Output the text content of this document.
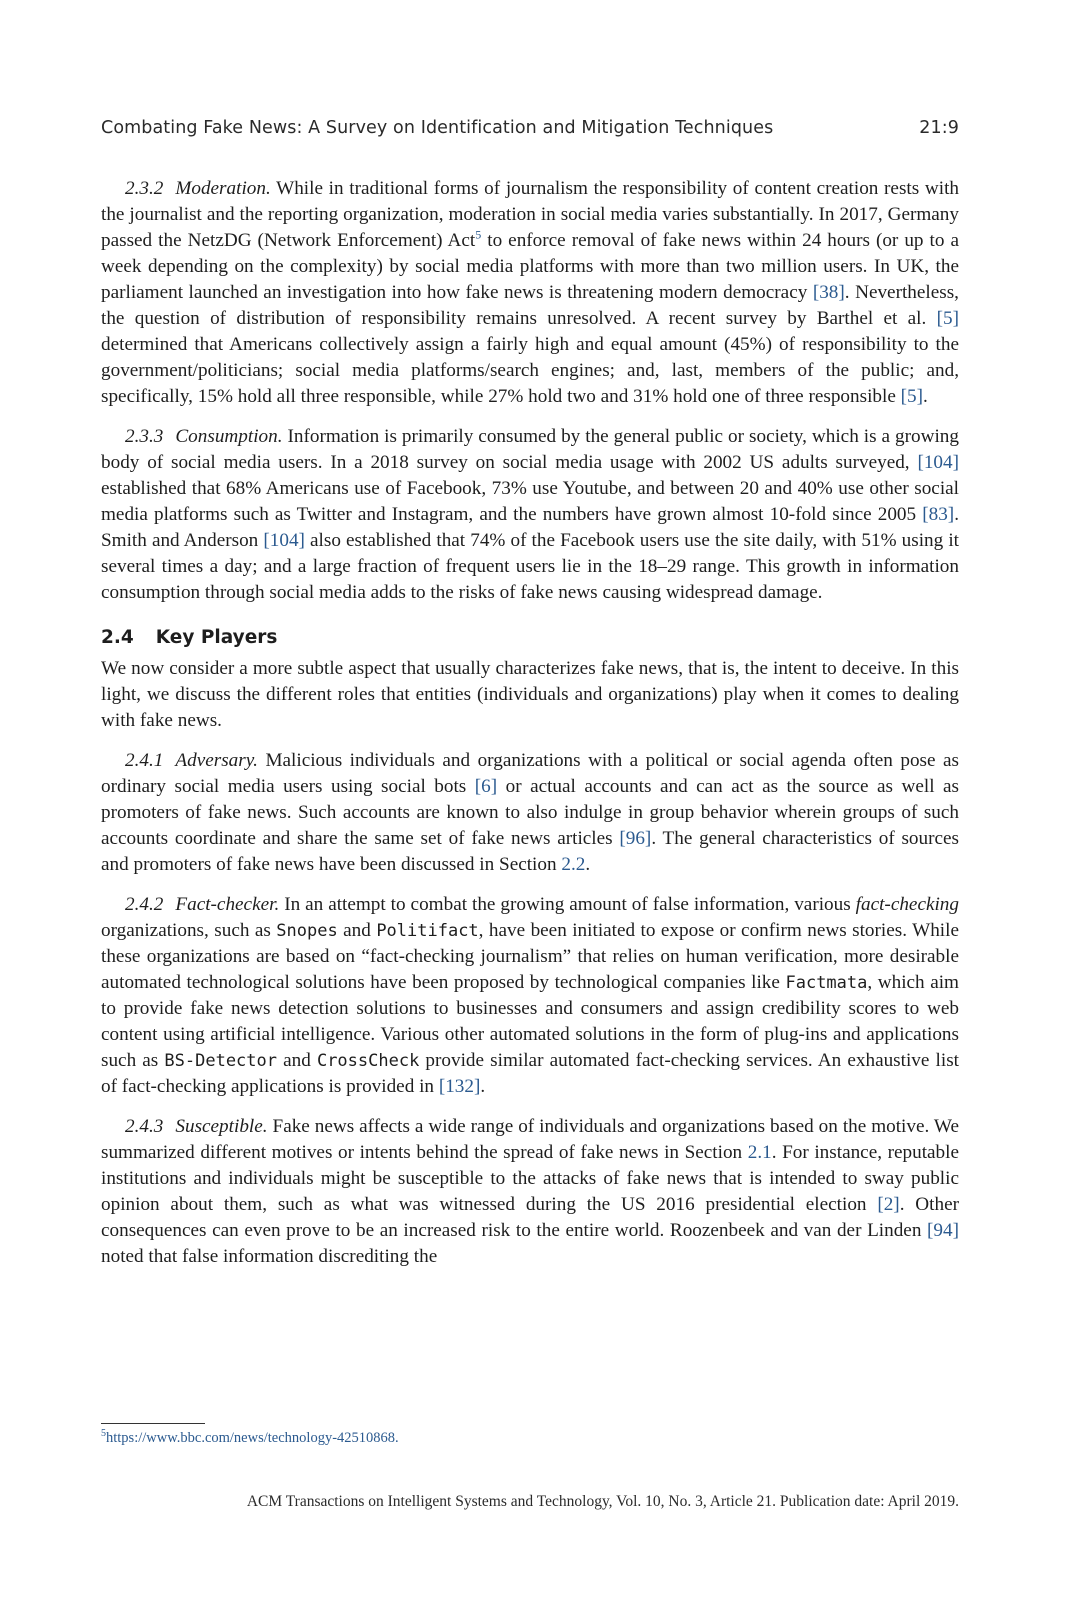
Combating Fake News: A Survey on Identification and Mitigation Techniques	21:9

2.3.2 Moderation. While in traditional forms of journalism the responsibility of content creation rests with the journalist and the reporting organization, moderation in social media varies substantially. In 2017, Germany passed the NetzDG (Network Enforcement) Act$^5$ to enforce removal of fake news within 24 hours (or up to a week depending on the complexity) by social media platforms with more than two million users. In UK, the parliament launched an investigation into how fake news is threatening modern democracy [38]. Nevertheless, the question of distribution of responsibility remains unresolved. A recent survey by Barthel et al. [5] determined that Americans collectively assign a fairly high and equal amount (45%) of responsibility to the government/politicians; social media platforms/search engines; and, last, members of the public; and, specifically, 15% hold all three responsible, while 27% hold two and 31% hold one of three responsible [5].

2.3.3 Consumption. Information is primarily consumed by the general public or society, which is a growing body of social media users. In a 2018 survey on social media usage with 2002 US adults surveyed, [104] established that 68% Americans use of Facebook, 73% use Youtube, and between 20 and 40% use other social media platforms such as Twitter and Instagram, and the numbers have grown almost 10-fold since 2005 [83]. Smith and Anderson [104] also established that 74% of the Facebook users use the site daily, with 51% using it several times a day; and a large fraction of frequent users lie in the 18–29 range. This growth in information consumption through social media adds to the risks of fake news causing widespread damage.

2.4 Key Players

We now consider a more subtle aspect that usually characterizes fake news, that is, the intent to deceive. In this light, we discuss the different roles that entities (individuals and organizations) play when it comes to dealing with fake news.

2.4.1 Adversary. Malicious individuals and organizations with a political or social agenda often pose as ordinary social media users using social bots [6] or actual accounts and can act as the source as well as promoters of fake news. Such accounts are known to also indulge in group behavior wherein groups of such accounts coordinate and share the same set of fake news articles [96]. The general characteristics of sources and promoters of fake news have been discussed in Section 2.2.

2.4.2 Fact-checker. In an attempt to combat the growing amount of false information, various fact-checking organizations, such as Snopes and Politifact, have been initiated to expose or confirm news stories. While these organizations are based on “fact-checking journalism” that relies on human verification, more desirable automated technological solutions have been proposed by technological companies like Factmata, which aim to provide fake news detection solutions to businesses and consumers and assign credibility scores to web content using artificial intelligence. Various other automated solutions in the form of plug-ins and applications such as BS-Detector and CrossCheck provide similar automated fact-checking services. An exhaustive list of fact-checking applications is provided in [132].

2.4.3 Susceptible. Fake news affects a wide range of individuals and organizations based on the motive. We summarized different motives or intents behind the spread of fake news in Section 2.1. For instance, reputable institutions and individuals might be susceptible to the attacks of fake news that is intended to sway public opinion about them, such as what was witnessed during the US 2016 presidential election [2]. Other consequences can even prove to be an increased risk to the entire world. Roozenbeek and van der Linden [94] noted that false information discrediting the

$^5$https://www.bbc.com/news/technology-42510868.
ACM Transactions on Intelligent Systems and Technology, Vol. 10, No. 3, Article 21. Publication date: April 2019.
